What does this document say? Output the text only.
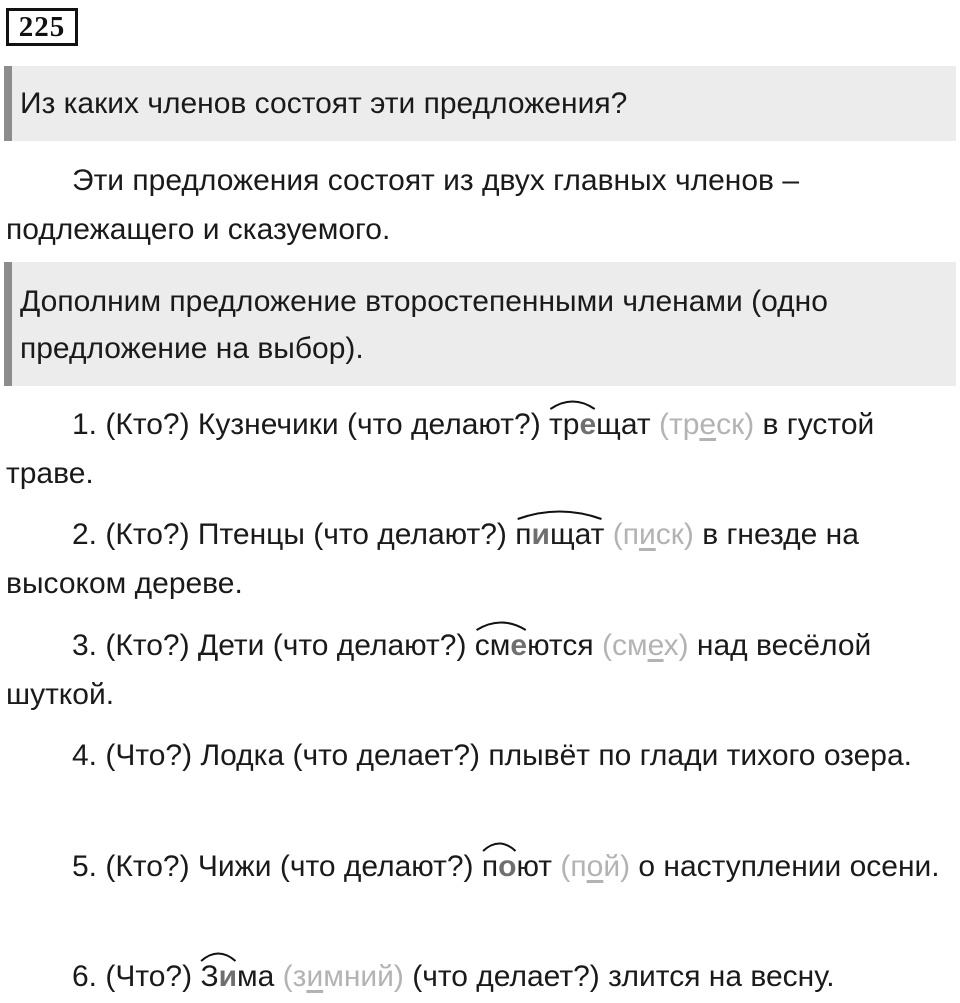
225
Из каких членов состоят эти предложения?

Эти предложения состоят из двух главных членов – подлежащего и сказуемого.

Дополним предложение второстепенными членами (одно предложение на выбор).

1. (Кто?) Кузнечики (что делают?)
трещат (треск) в густой траве.

2. (Кто?) Птенцы (что делают?)
пищат (писк) в гнезде на высоком дереве.

3. (Кто?) Дети (что делают?)
смеются (смех) над весёлой шуткой.

4. (Что?) Лодка (что делает?) плывёт по глади тихого озера.

5. (Кто?) Чижи (что делают?)
поют (пой) о наступлении осени.

6. (Что?)
Зима (зимний) (что делает?) злится на весну.
